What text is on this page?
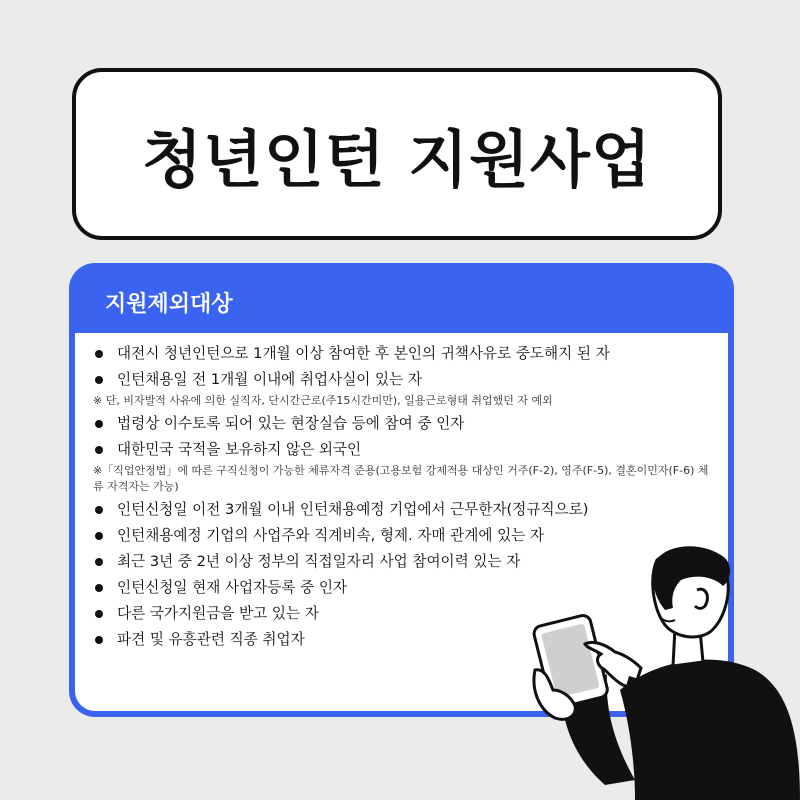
청년인턴 지원사업
지원제외대상
대전시 청년인턴으로 1개월 이상 참여한 후 본인의 귀책사유로 중도해지 된 자
인턴채용일 전 1개월 이내에 취업사실이 있는 자
※ 단, 비자발적 사유에 의한 실직자, 단시간근로(주15시간미만), 일용근로형태 취업했던 자 예외
법령상 이수토록 되어 있는 현장실습 등에 참여 중 인자
대한민국 국적을 보유하지 않은 외국인
※「직업안정법」에 따른 구직신청이 가능한 체류자격 준용(고용보험 강제적용 대상인 거주(F-2), 영주(F-5), 결혼이민자(F-6) 체류 자격자는 가능)
인턴신청일 이전 3개월 이내 인턴채용예정 기업에서 근무한자(정규직으로)
인턴채용예정 기업의 사업주와 직계비속, 형제. 자매 관계에 있는 자
최근 3년 중 2년 이상 정부의 직접일자리 사업 참여이력 있는 자
인턴신청일 현재 사업자등록 중 인자
다른 국가지원금을 받고 있는 자
파견 및 유흥관련 직종 취업자
